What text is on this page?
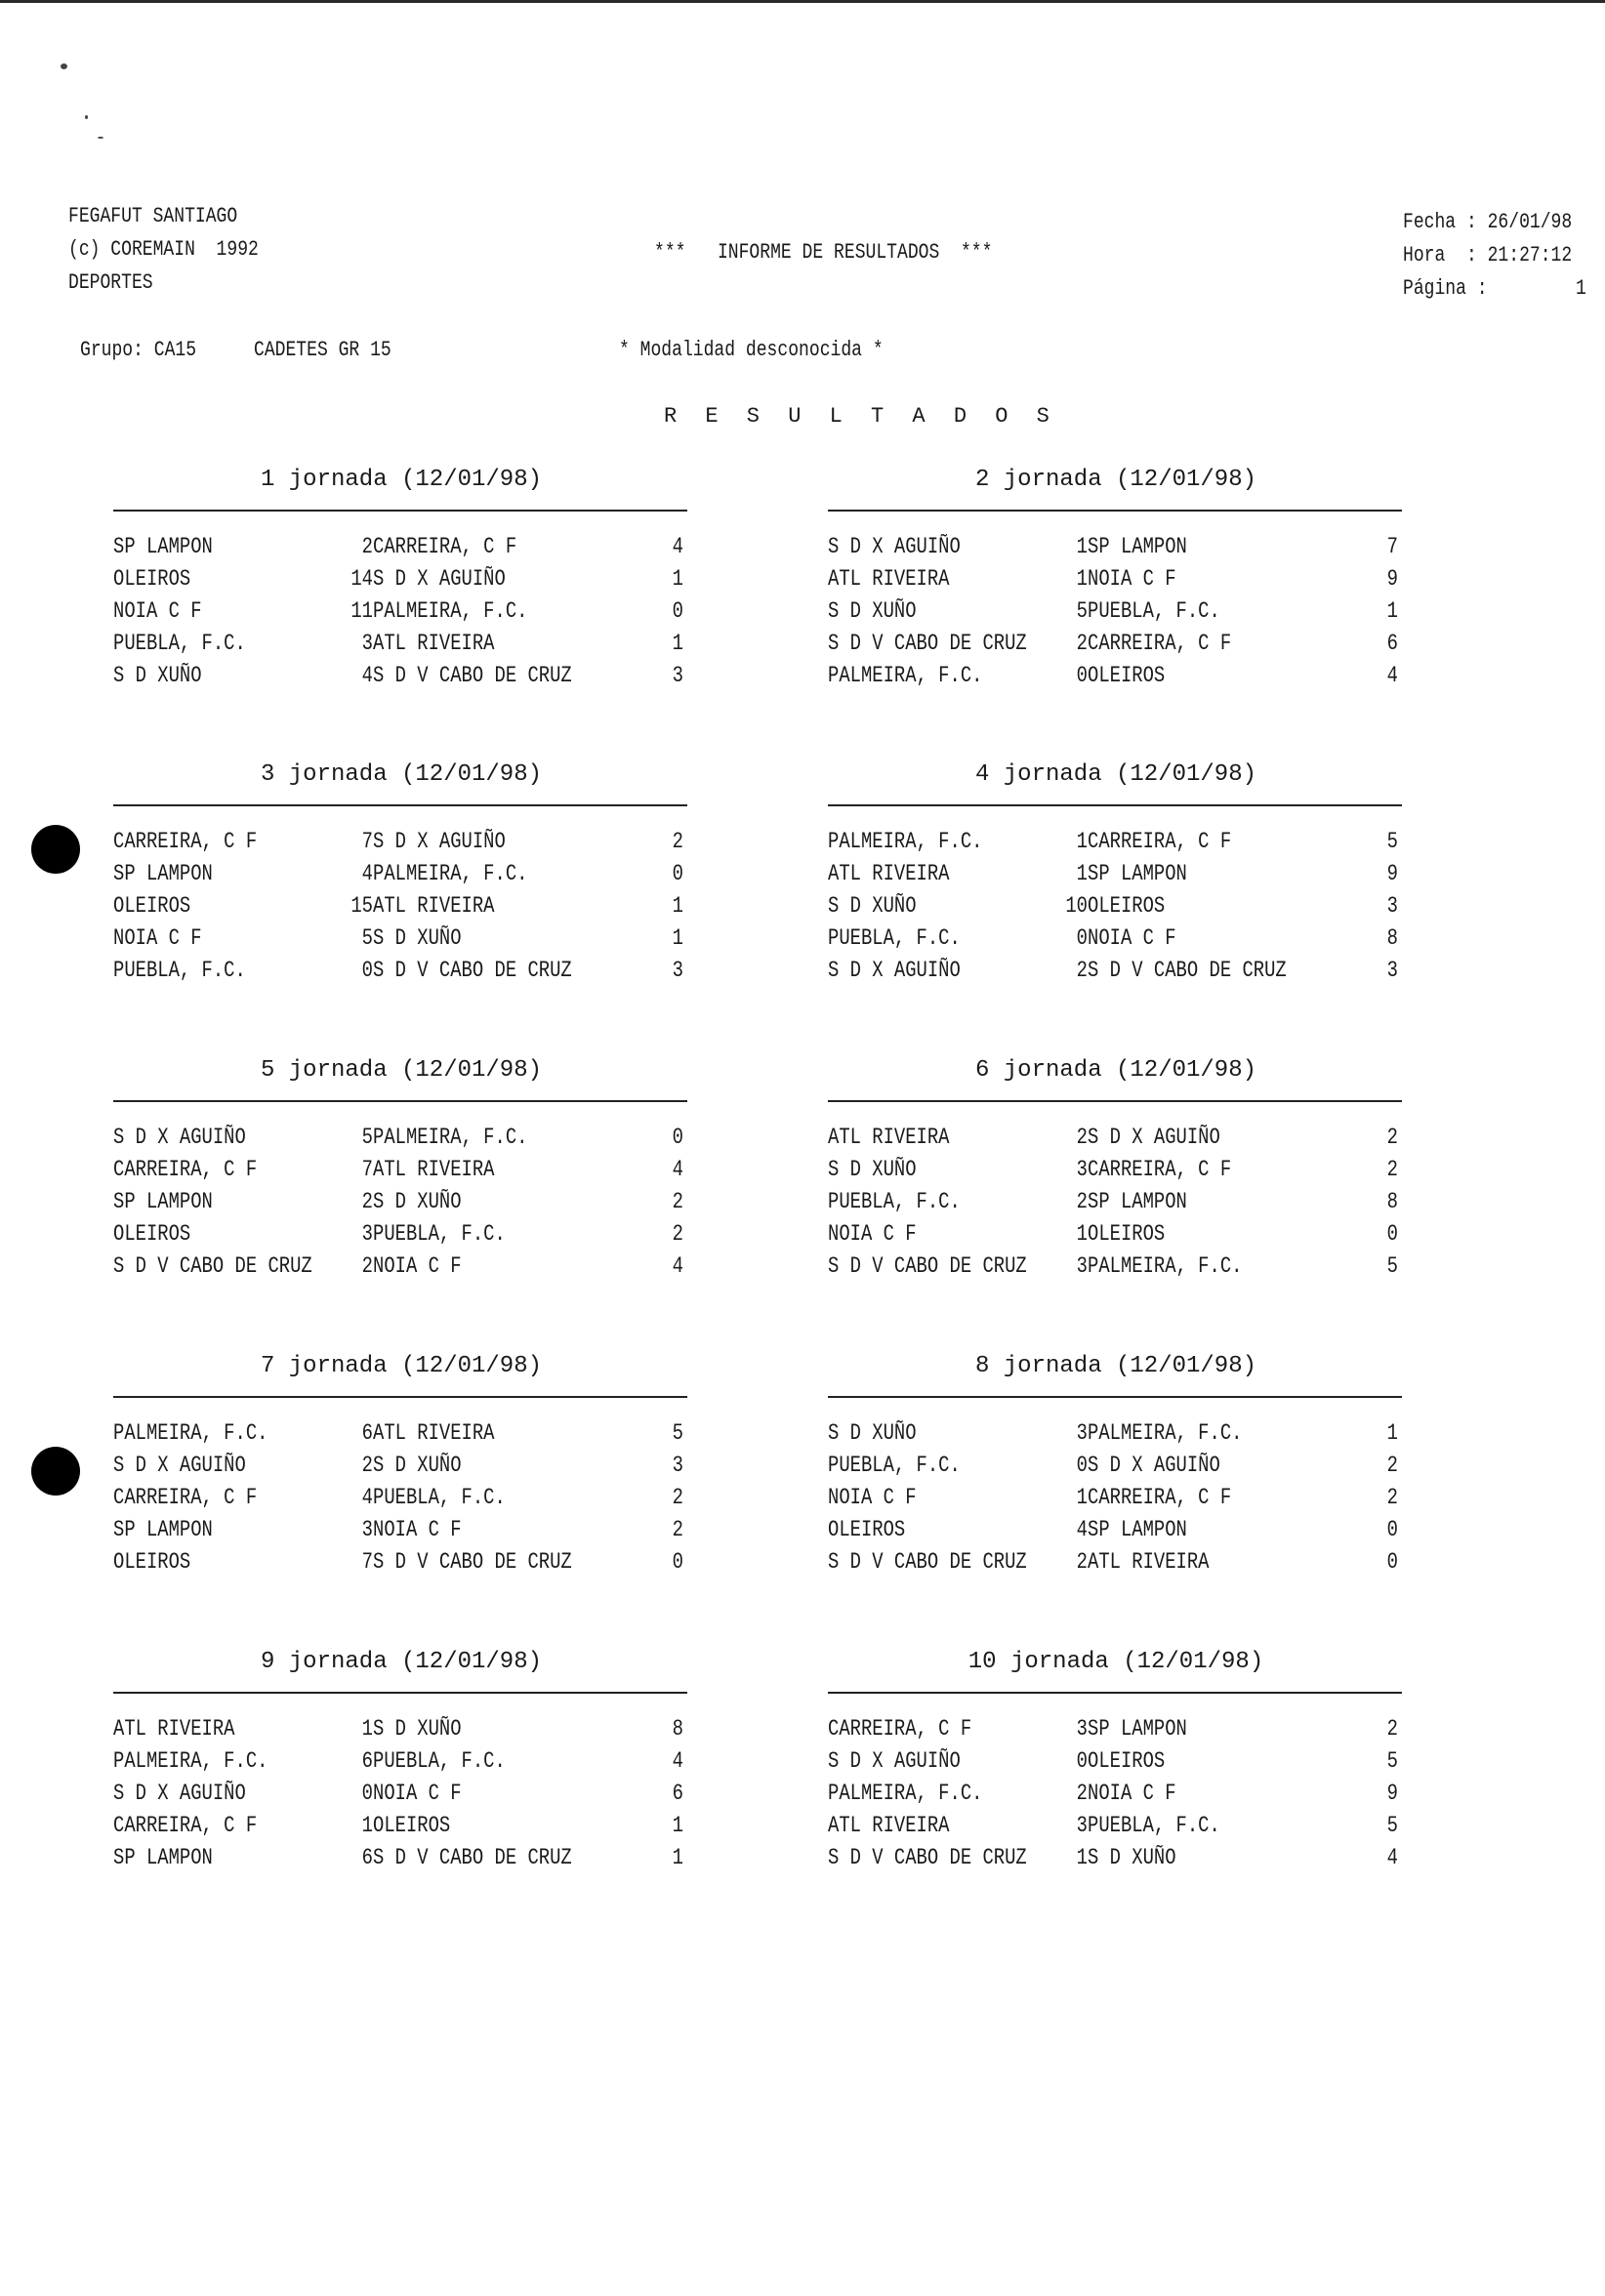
FEGAFUT SANTIAGO
(c) COREMAIN  1992
DEPORTES
***   INFORME DE RESULTADOS  ***
Fecha : 26/01/98
Hora  : 21:27:12
Página :	1
Grupo: CA15	CADETES GR 15	* Modalidad desconocida *
R E S U L T A D O S
1 jornada (12/01/98)
SP LAMPON	2 CARREIRA, C F	4
OLEIROS	14 S D X AGUIÑO	1
NOIA C F	11 PALMEIRA, F.C.	0
PUEBLA, F.C.	3 ATL RIVEIRA	1
S D XUÑO	4 S D V CABO DE CRUZ	3
2 jornada (12/01/98)
S D X AGUIÑO	1 SP LAMPON	7
ATL RIVEIRA	1 NOIA C F	9
S D XUÑO	5 PUEBLA, F.C.	1
S D V CABO DE CRUZ	2 CARREIRA, C F	6
PALMEIRA, F.C.	0 OLEIROS	4
3 jornada (12/01/98)
CARREIRA, C F	7 S D X AGUIÑO	2
SP LAMPON	4 PALMEIRA, F.C.	0
OLEIROS	15 ATL RIVEIRA	1
NOIA C F	5 S D XUÑO	1
PUEBLA, F.C.	0 S D V CABO DE CRUZ	3
4 jornada (12/01/98)
PALMEIRA, F.C.	1 CARREIRA, C F	5
ATL RIVEIRA	1 SP LAMPON	9
S D XUÑO	10 OLEIROS	3
PUEBLA, F.C.	0 NOIA C F	8
S D X AGUIÑO	2 S D V CABO DE CRUZ	3
5 jornada (12/01/98)
S D X AGUIÑO	5 PALMEIRA, F.C.	0
CARREIRA, C F	7 ATL RIVEIRA	4
SP LAMPON	2 S D XUÑO	2
OLEIROS	3 PUEBLA, F.C.	2
S D V CABO DE CRUZ	2 NOIA C F	4
6 jornada (12/01/98)
ATL RIVEIRA	2 S D X AGUIÑO	2
S D XUÑO	3 CARREIRA, C F	2
PUEBLA, F.C.	2 SP LAMPON	8
NOIA C F	1 OLEIROS	0
S D V CABO DE CRUZ	3 PALMEIRA, F.C.	5
7 jornada (12/01/98)
PALMEIRA, F.C.	6 ATL RIVEIRA	5
S D X AGUIÑO	2 S D XUÑO	3
CARREIRA, C F	4 PUEBLA, F.C.	2
SP LAMPON	3 NOIA C F	2
OLEIROS	7 S D V CABO DE CRUZ	0
8 jornada (12/01/98)
S D XUÑO	3 PALMEIRA, F.C.	1
PUEBLA, F.C.	0 S D X AGUIÑO	2
NOIA C F	1 CARREIRA, C F	2
OLEIROS	4 SP LAMPON	0
S D V CABO DE CRUZ	2 ATL RIVEIRA	0
9 jornada (12/01/98)
ATL RIVEIRA	1 S D XUÑO	8
PALMEIRA, F.C.	6 PUEBLA, F.C.	4
S D X AGUIÑO	0 NOIA C F	6
CARREIRA, C F	1 OLEIROS	1
SP LAMPON	6 S D V CABO DE CRUZ	1
10 jornada (12/01/98)
CARREIRA, C F	3 SP LAMPON	2
S D X AGUIÑO	0 OLEIROS	5
PALMEIRA, F.C.	2 NOIA C F	9
ATL RIVEIRA	3 PUEBLA, F.C.	5
S D V CABO DE CRUZ	1 S D XUÑO	4
